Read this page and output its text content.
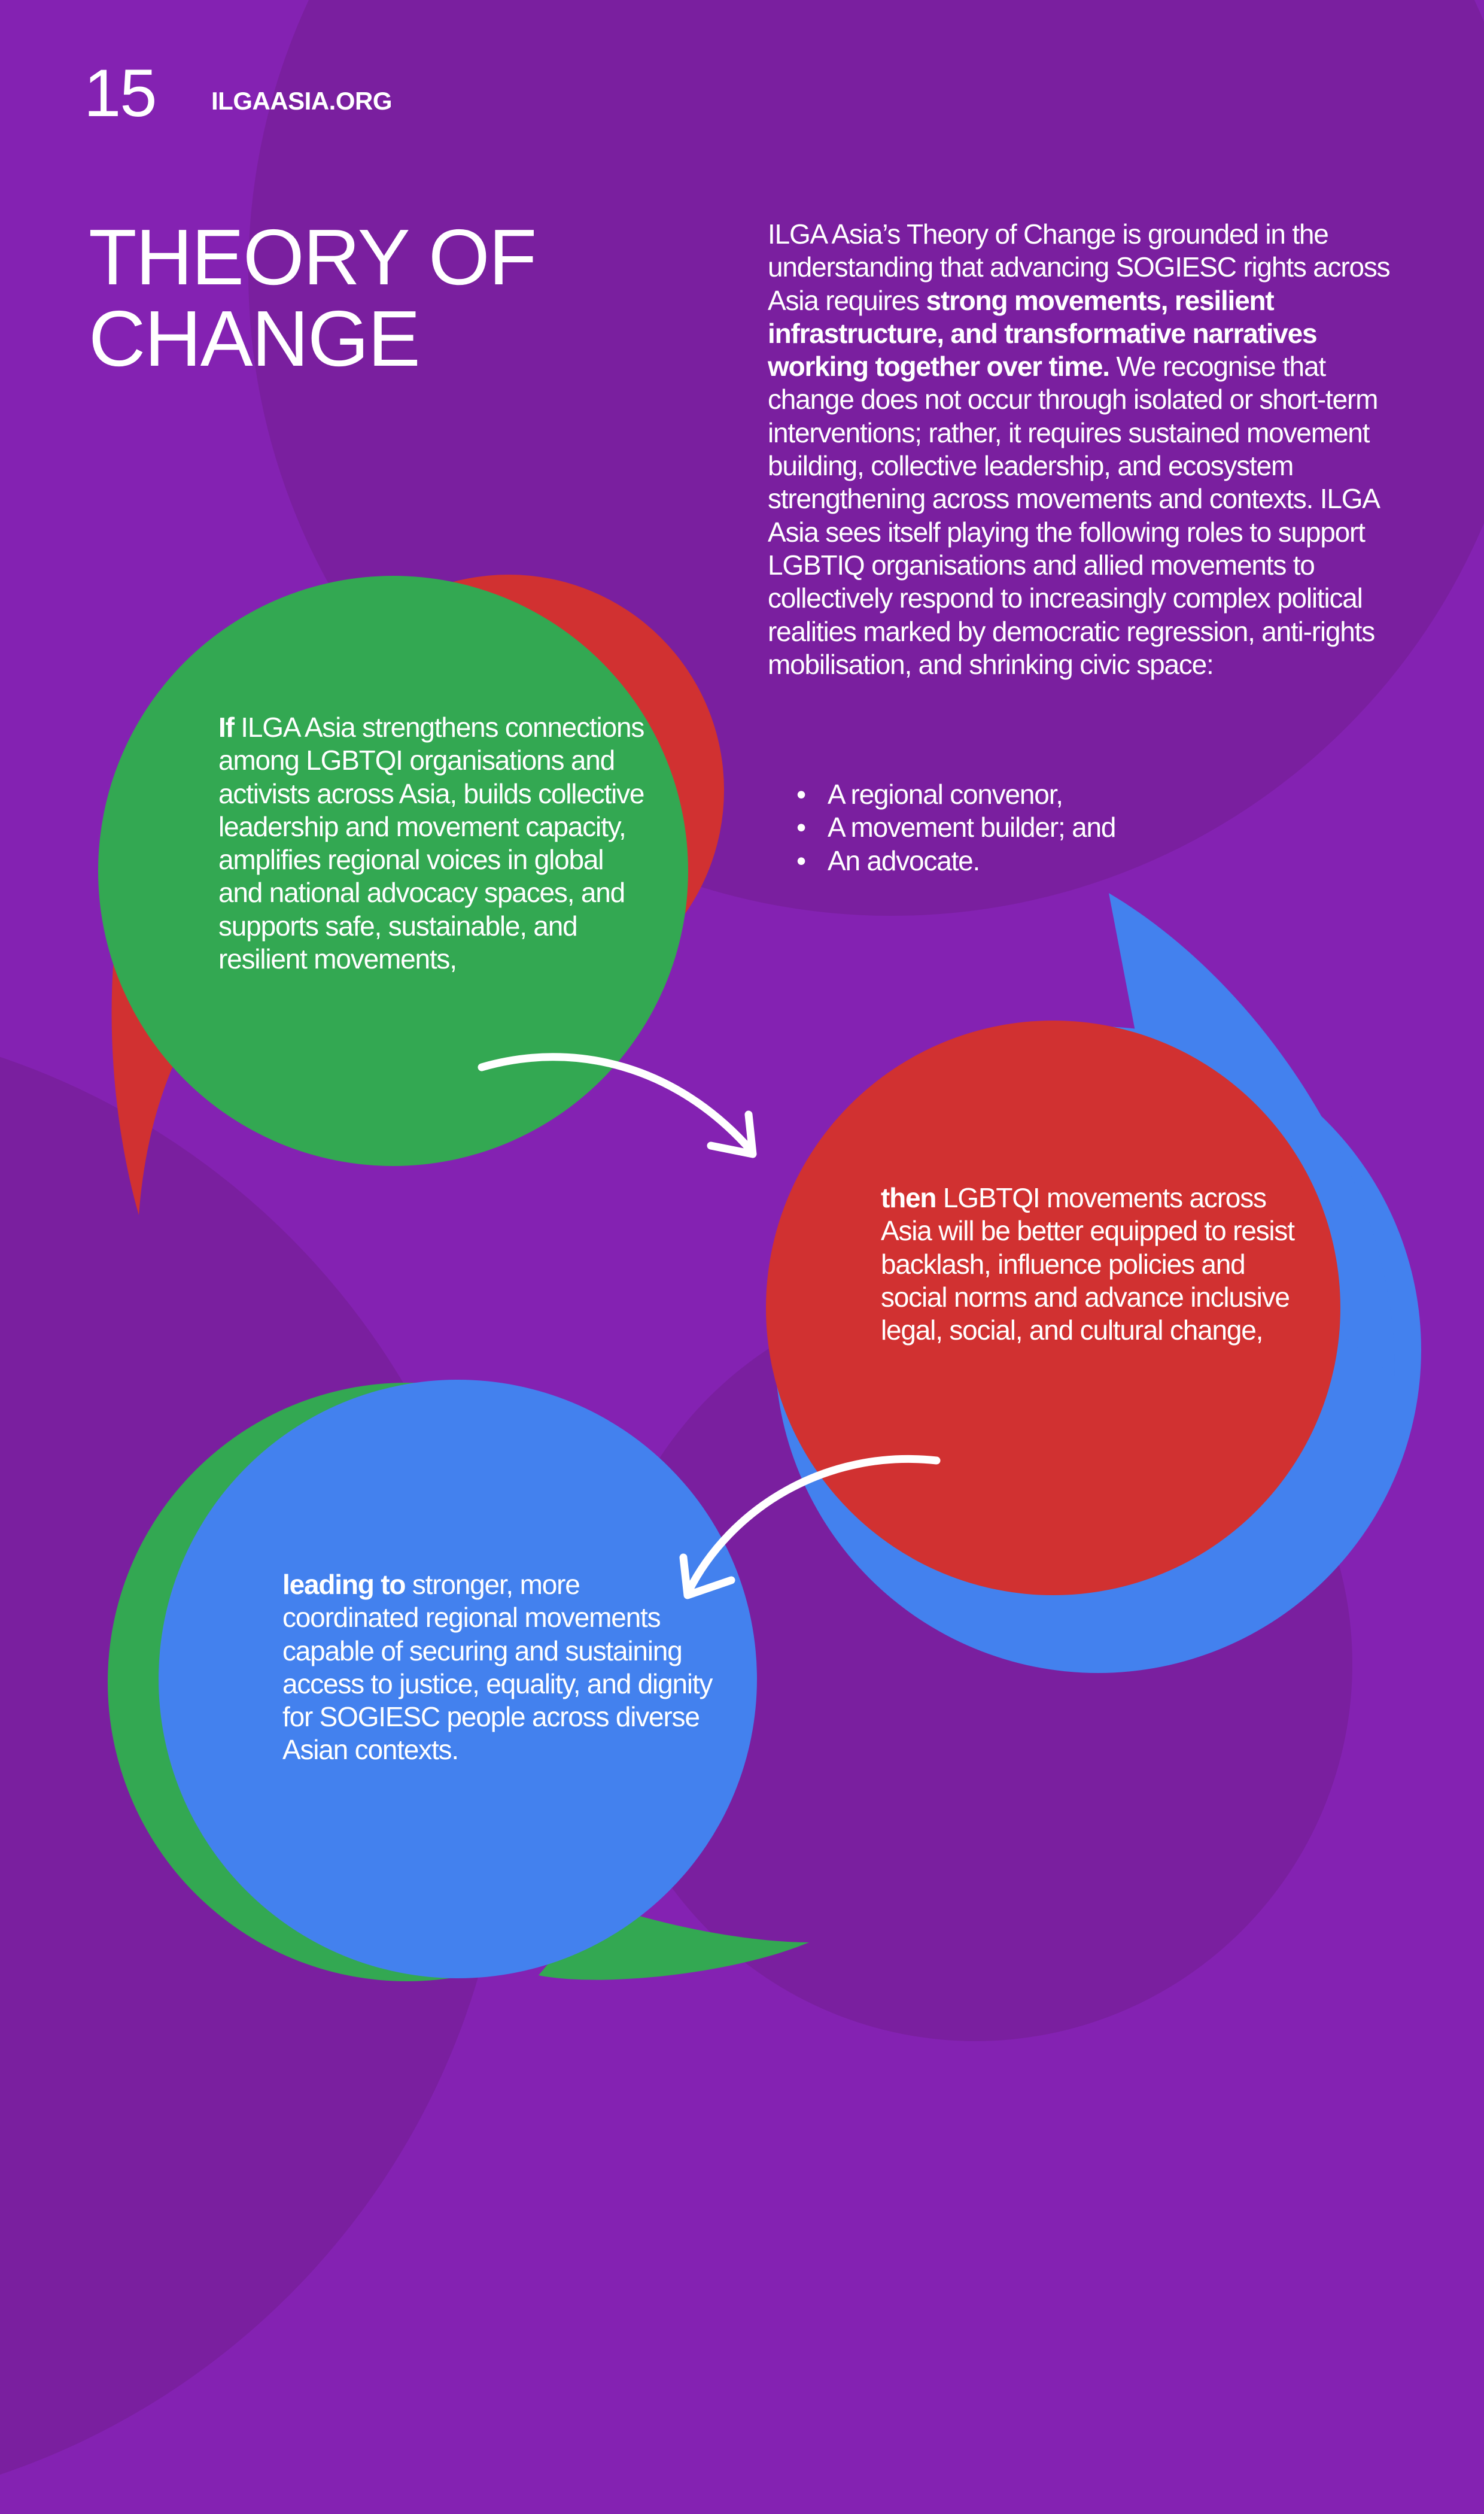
15 ILGAASIA.ORG
THEORY OF
CHANGE

ILGA Asia’s Theory of Change is grounded in the understanding that advancing SOGIESC rights across Asia requires strong movements, resilient infrastructure, and transformative narratives working together over time. We recognise that change does not occur through isolated or short-term interventions; rather, it requires sustained movement building, collective leadership, and ecosystem strengthening across movements and contexts. ILGA Asia sees itself playing the following roles to support LGBTIQ organisations and allied movements to collectively respond to increasingly complex political realities marked by democratic regression, anti-rights mobilisation, and shrinking civic space:

• A regional convenor,
• A movement builder; and
• An advocate.

If ILGA Asia strengthens connections among LGBTQI organisations and activists across Asia, builds collective leadership and movement capacity, amplifies regional voices in global and national advocacy spaces, and supports safe, sustainable, and resilient movements,

then LGBTQI movements across Asia will be better equipped to resist backlash, influence policies and social norms and advance inclusive legal, social, and cultural change,

leading to stronger, more coordinated regional movements capable of securing and sustaining access to justice, equality, and dignity for SOGIESC people across diverse Asian contexts.
